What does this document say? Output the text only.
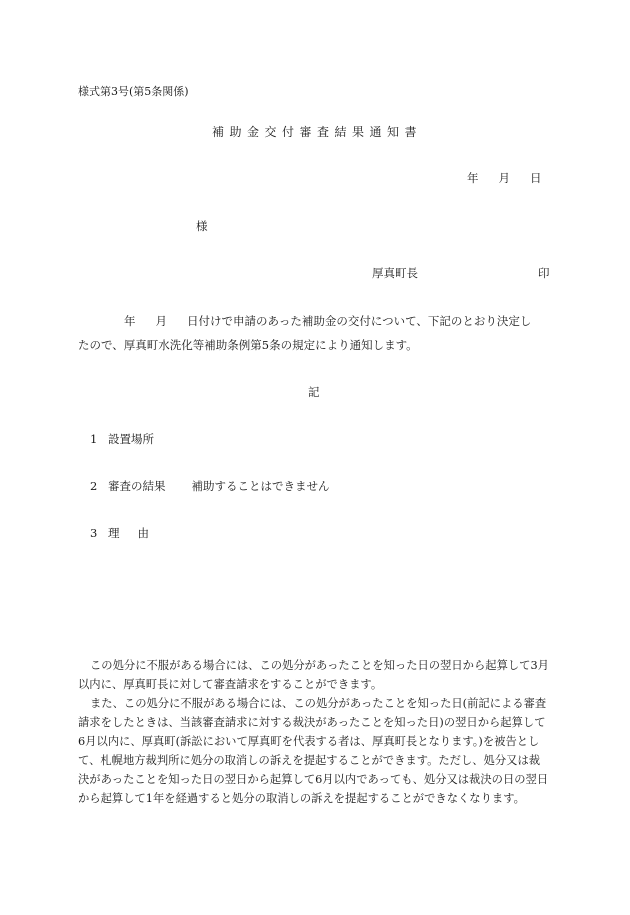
様式第3号(第5条関係)
補助金交付審査結果通知書
年 月 日
様
厚真町長	印
年 月 日付けで申請のあった補助金の交付について、下記のとおり決定し
たので、厚真町水洗化等補助条例第5条の規定により通知します。
記
1 設置場所
2 審査の結果 補助することはできません
3 理 由

この処分に不服がある場合には、この処分があったことを知った日の翌日から起算して3月以内に、厚真町長に対して審査請求をすることができます。

また、この処分に不服がある場合には、この処分があったことを知った日(前記による審査請求をしたときは、当該審査請求に対する裁決があったことを知った日)の翌日から起算して6月以内に、厚真町(訴訟において厚真町を代表する者は、厚真町長となります。)を被告として、札幌地方裁判所に処分の取消しの訴えを提起することができます。ただし、処分又は裁決があったことを知った日の翌日から起算して6月以内であっても、処分又は裁決の日の翌日から起算して1年を経過すると処分の取消しの訴えを提起することができなくなります。
